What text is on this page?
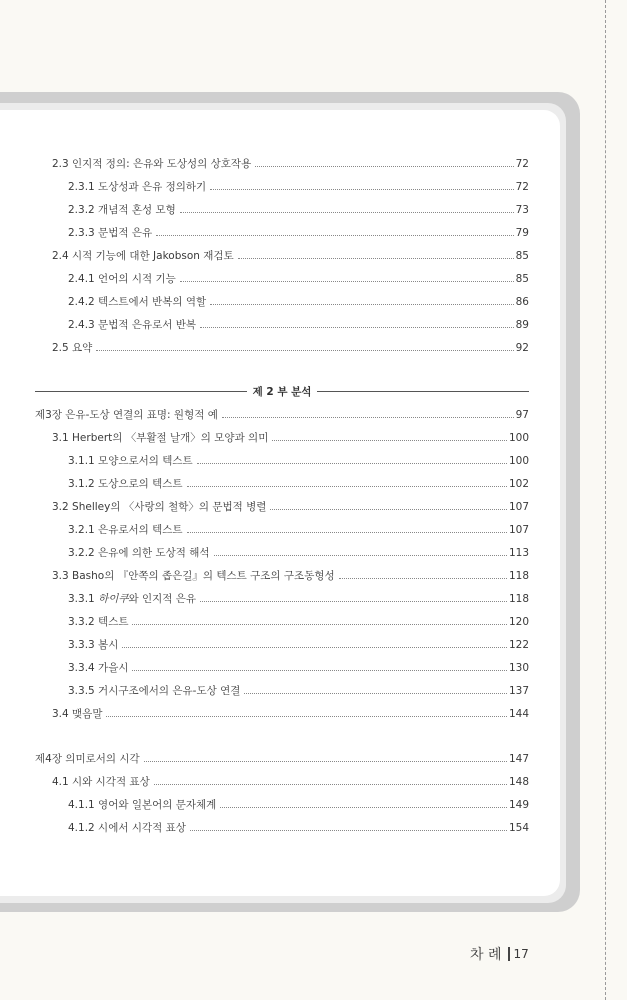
2.3 인지적 정의: 은유와 도상성의 상호작용	72
2.3.1 도상성과 은유 정의하기	72
2.3.2 개념적 혼성 모형	73
2.3.3 문법적 은유	79
2.4 시적 기능에 대한 Jakobson 재검토	85
2.4.1 언어의 시적 기능	85
2.4.2 텍스트에서 반복의 역할	86
2.4.3 문법적 은유로서 반복	89
2.5 요약	92
제 2 부 분석
제3장 은유-도상 연결의 표명: 원형적 예	97
3.1 Herbert의 〈부활절 날개〉의 모양과 의미	100
3.1.1 모양으로서의 텍스트	100
3.1.2 도상으로의 텍스트	102
3.2 Shelley의 〈사랑의 철학〉의 문법적 병렬	107
3.2.1 은유로서의 텍스트	107
3.2.2 은유에 의한 도상적 해석	113
3.3 Basho의 『안쪽의 좁은길』의 텍스트 구조의 구조동형성	118
3.3.1 하이쿠와 인지적 은유	118
3.3.2 텍스트	120
3.3.3 봄시	122
3.3.4 가을시	130
3.3.5 거시구조에서의 은유-도상 연결	137
3.4 맺음말	144
제4장 의미로서의 시각	147
4.1 시와 시각적 표상	148
4.1.1 영어와 일본어의 문자체계	149
4.1.2 시에서 시각적 표상	154
차 례 17
